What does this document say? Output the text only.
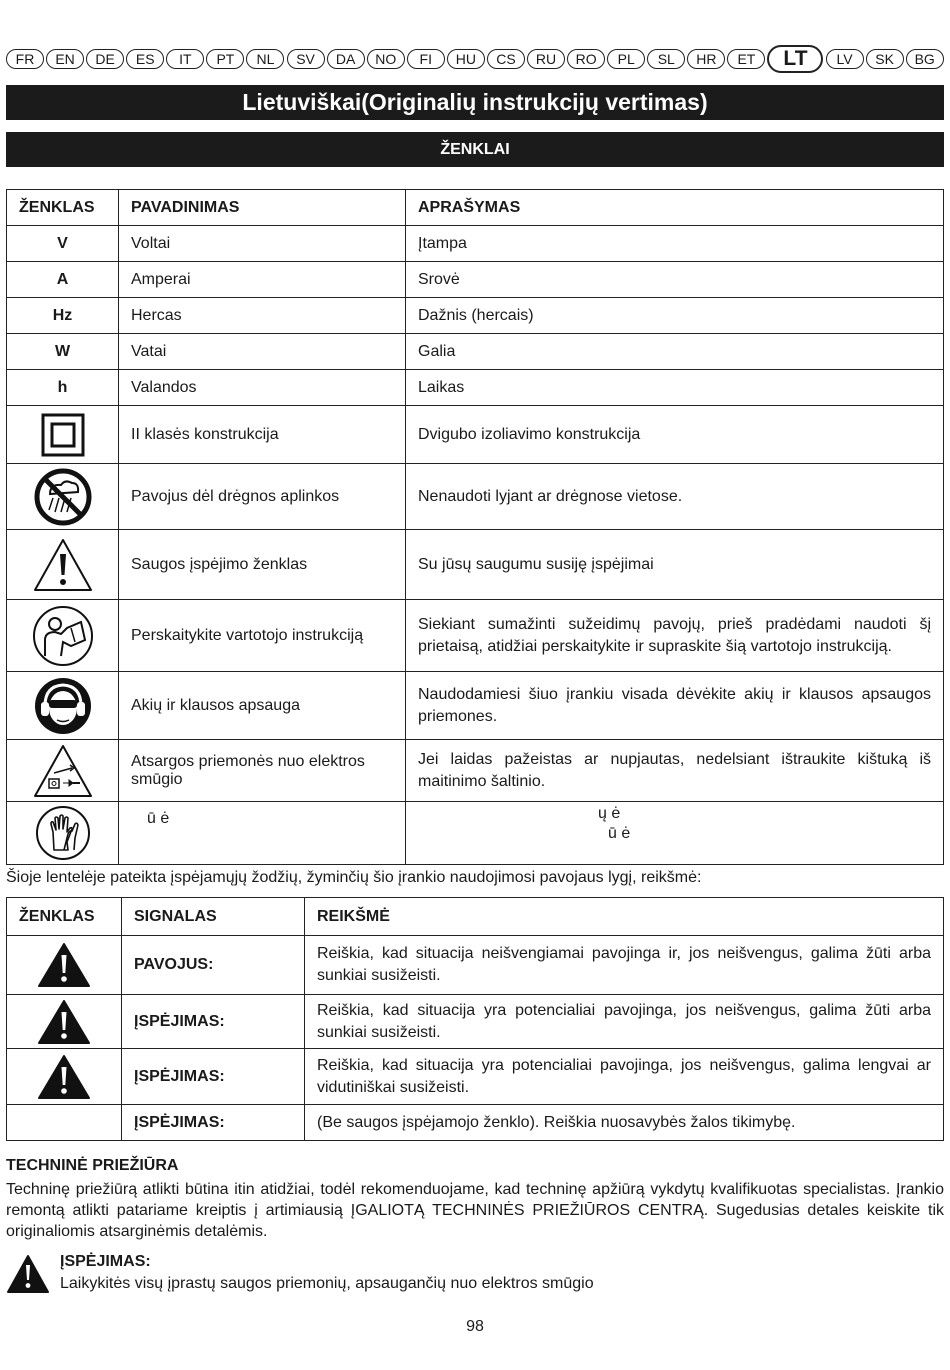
FR	EN	DE	ES	IT	PT	NL	SV	DA	NO	FI	HU	CS	RU	RO	PL	SL	HR	ET	LT	LV	SK	BG
Lietuviškai(Originalių instrukcijų vertimas)
ŽENKLAI
ŽENKLAS	PAVADINIMAS	APRAŠYMAS
V	Voltai	Įtampa
A	Amperai	Srovė
Hz	Hercas	Dažnis (hercais)
W	Vatai	Galia
h	Valandos	Laikas

	II klasės konstrukcija	Dvigubo izoliavimo konstrukcija

	Pavojus dėl drėgnos aplinkos	Nenaudoti lyjant ar drėgnose vietose.

	Saugos įspėjimo ženklas	Su jūsų saugumu susiję įspėjimai

	Perskaitykite vartotojo instrukciją	Siekiant sumažinti sužeidimų pavojų, prieš pradėdami naudoti šį prietaisą, atidžiai perskaitykite ir supraskite šią vartotojo instrukciją.

	Akių ir klausos apsauga	Naudodamiesi šiuo įrankiu visada dėvėkite akių ir klausos apsaugos priemones.

	Atsargos priemonės nuo elektros smūgio	Jei laidas pažeistas ar nupjautas, nedelsiant ištraukite kištuką iš maitinimo šaltinio.

	ū ė	ų ė
ū ė
Šioje lentelėje pateikta įspėjamųjų žodžių, žyminčių šio įrankio naudojimosi pavojaus lygį, reikšmė:
ŽENKLAS	SIGNALAS	REIKŠMĖ

	PAVOJUS:	Reiškia, kad situacija neišvengiamai pavojinga ir, jos neišvengus, galima žūti arba sunkiai susižeisti.

	ĮSPĖJIMAS:	Reiškia, kad situacija yra potencialiai pavojinga, jos neišvengus, galima žūti arba sunkiai susižeisti.

	ĮSPĖJIMAS:	Reiškia, kad situacija yra potencialiai pavojinga, jos neišvengus, galima lengvai ar vidutiniškai susižeisti.
	ĮSPĖJIMAS:	(Be saugos įspėjamojo ženklo). Reiškia nuosavybės žalos tikimybę.
TECHNINĖ PRIEŽIŪRA
Techninę priežiūrą atlikti būtina itin atidžiai, todėl rekomenduojame, kad techninę apžiūrą vykdytų kvalifikuotas specialistas. Įrankio remontą atlikti patariame kreiptis į artimiausią ĮGALIOTĄ TECHNINĖS PRIEŽIŪROS CENTRĄ. Sugedusias detales keiskite tik originaliomis atsarginėmis detalėmis.
ĮSPĖJIMAS:
Laikykitės visų įprastų saugos priemonių, apsaugančių nuo elektros smūgio
98
